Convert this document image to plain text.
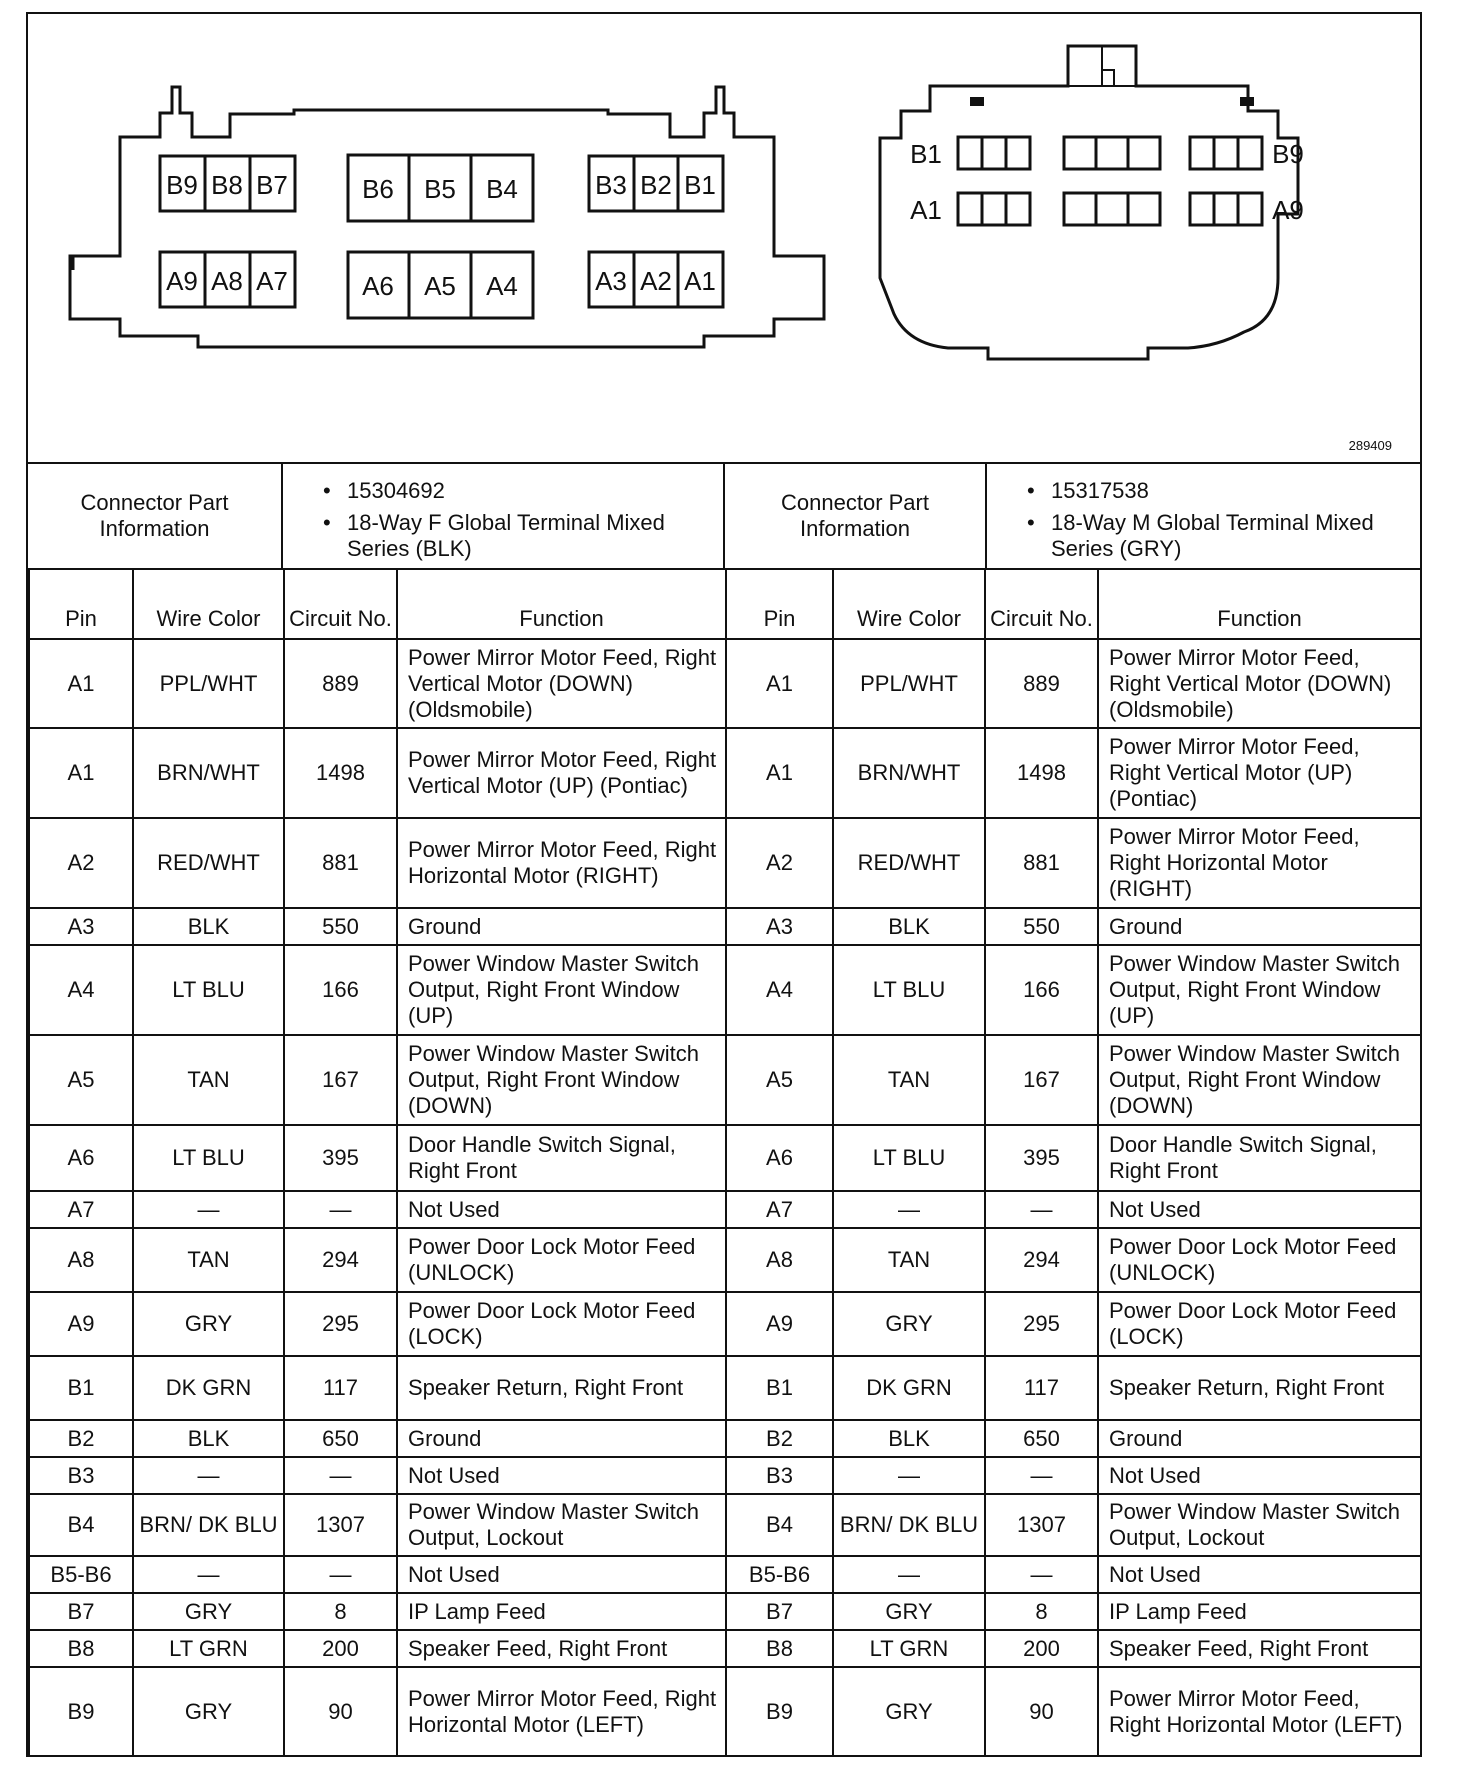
B9 B8 B7	B6 B5 B4	B3 B2 B1
A9 A8 A7	A6 A5 A4	A3 A2 A1
B1	B9
A1	A9
289409
Connector Part Information
• 15304692
• 18-Way F Global Terminal Mixed Series (BLK)
Connector Part Information
• 15317538
• 18-Way M Global Terminal Mixed Series (GRY)
Pin	Wire Color	Circuit No.	Function	Pin	Wire Color	Circuit No.	Function
A1	PPL/WHT	889	Power Mirror Motor Feed, Right Vertical Motor (DOWN) (Oldsmobile)	A1	PPL/WHT	889	Power Mirror Motor Feed, Right Vertical Motor (DOWN) (Oldsmobile)
A1	BRN/WHT	1498	Power Mirror Motor Feed, Right Vertical Motor (UP) (Pontiac)	A1	BRN/WHT	1498	Power Mirror Motor Feed, Right Vertical Motor (UP) (Pontiac)
A2	RED/WHT	881	Power Mirror Motor Feed, Right Horizontal Motor (RIGHT)	A2	RED/WHT	881	Power Mirror Motor Feed, Right Horizontal Motor (RIGHT)
A3	BLK	550	Ground	A3	BLK	550	Ground
A4	LT BLU	166	Power Window Master Switch Output, Right Front Window (UP)	A4	LT BLU	166	Power Window Master Switch Output, Right Front Window (UP)
A5	TAN	167	Power Window Master Switch Output, Right Front Window (DOWN)	A5	TAN	167	Power Window Master Switch Output, Right Front Window (DOWN)
A6	LT BLU	395	Door Handle Switch Signal, Right Front	A6	LT BLU	395	Door Handle Switch Signal, Right Front
A7	—	—	Not Used	A7	—	—	Not Used
A8	TAN	294	Power Door Lock Motor Feed (UNLOCK)	A8	TAN	294	Power Door Lock Motor Feed (UNLOCK)
A9	GRY	295	Power Door Lock Motor Feed (LOCK)	A9	GRY	295	Power Door Lock Motor Feed (LOCK)
B1	DK GRN	117	Speaker Return, Right Front	B1	DK GRN	117	Speaker Return, Right Front
B2	BLK	650	Ground	B2	BLK	650	Ground
B3	—	—	Not Used	B3	—	—	Not Used
B4	BRN/ DK BLU	1307	Power Window Master Switch Output, Lockout	B4	BRN/ DK BLU	1307	Power Window Master Switch Output, Lockout
B5-B6	—	—	Not Used	B5-B6	—	—	Not Used
B7	GRY	8	IP Lamp Feed	B7	GRY	8	IP Lamp Feed
B8	LT GRN	200	Speaker Feed, Right Front	B8	LT GRN	200	Speaker Feed, Right Front
B9	GRY	90	Power Mirror Motor Feed, Right Horizontal Motor (LEFT)	B9	GRY	90	Power Mirror Motor Feed, Right Horizontal Motor (LEFT)
